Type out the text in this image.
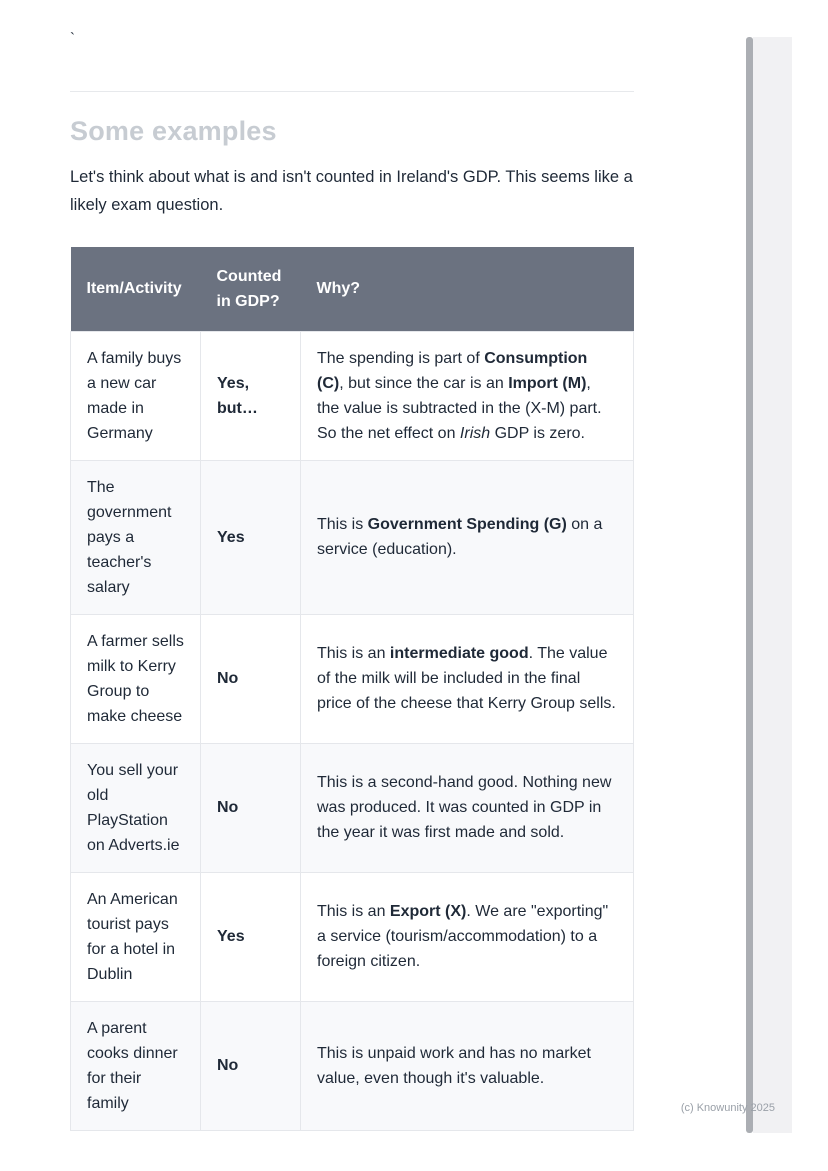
`
Some examples

Let's think about what is and isn't counted in Ireland's GDP. This seems like a likely exam question.

Item/Activity	Counted in GDP?	Why?
A family buys a new car made in Germany	Yes, but…	The spending is part of Consumption (C), but since the car is an Import (M), the value is subtracted in the (X-M) part. So the net effect on Irish GDP is zero.
The government pays a teacher's salary	Yes	This is Government Spending (G) on a service (education).
A farmer sells milk to Kerry Group to make cheese	No	This is an intermediate good. The value of the milk will be included in the final price of the cheese that Kerry Group sells.
You sell your old PlayStation on Adverts.ie	No	This is a second-hand good. Nothing new was produced. It was counted in GDP in the year it was first made and sold.
An American tourist pays for a hotel in Dublin	Yes	This is an Export (X). We are "exporting" a service (tourism/accommodation) to a foreign citizen.
A parent cooks dinner for their family	No	This is unpaid work and has no market value, even though it's valuable.
(c) Knowunity 2025
